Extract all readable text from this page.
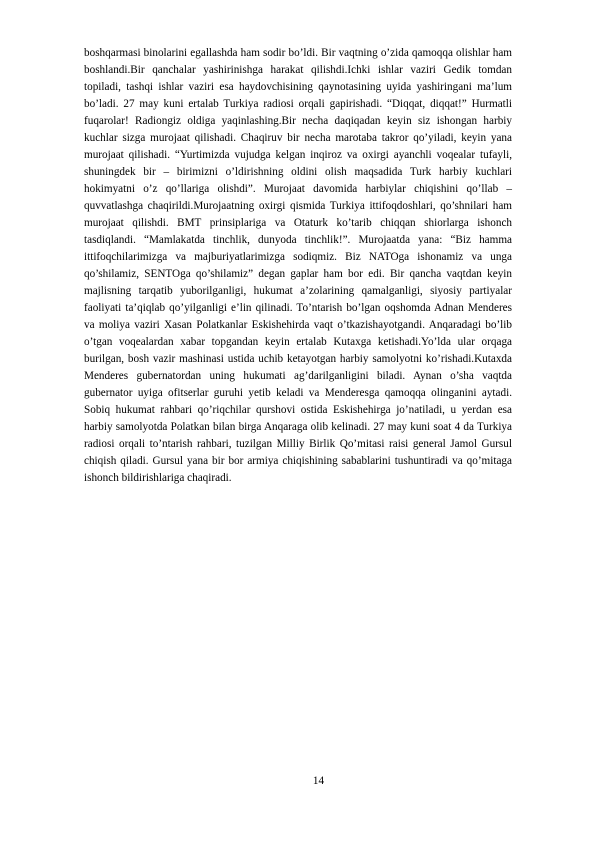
boshqarmasi binolarini egallashda ham sodir bo’ldi. Bir vaqtning o’zida qamoqqa olishlar ham boshlandi.Bir qanchalar yashirinishga harakat qilishdi.Ichki ishlar vaziri Gedik tomdan topiladi, tashqi ishlar vaziri esa haydovchisining qaynotasining uyida yashiringani ma’lum bo’ladi. 27 may kuni ertalab Turkiya radiosi orqali gapirishadi. “Diqqat, diqqat!” Hurmatli fuqarolar! Radiongiz oldiga yaqinlashing.Bir necha daqiqadan keyin siz ishongan harbiy kuchlar sizga murojaat qilishadi. Chaqiruv bir necha marotaba takror qo’yiladi, keyin yana murojaat qilishadi. “Yurtimizda vujudga kelgan inqiroz va oxirgi ayanchli voqealar tufayli, shuningdek bir – birimizni o’ldirishning oldini olish maqsadida Turk harbiy kuchlari hokimyatni o’z qo’llariga olishdi”. Murojaat davomida harbiylar chiqishini qo’llab – quvvatlashga chaqirildi.Murojaatning oxirgi qismida Turkiya ittifoqdoshlari, qo’shnilari ham murojaat qilishdi. BMT prinsiplariga va Otaturk ko’tarib chiqqan shiorlarga ishonch tasdiqlandi. “Mamlakatda tinchlik, dunyoda tinchlik!”. Murojaatda yana: “Biz hamma ittifoqchilarimizga va majburiyatlarimizga sodiqmiz. Biz NATOga ishonamiz va unga qo’shilamiz, SENTOga qo’shilamiz” degan gaplar ham bor edi. Bir qancha vaqtdan keyin majlisning tarqatib yuborilganligi, hukumat a’zolarining qamalganligi, siyosiy partiyalar faoliyati ta’qiqlab qo’yilganligi e’lin qilinadi. To’ntarish bo’lgan oqshomda Adnan Menderes va moliya vaziri Xasan Polatkanlar Eskishehirda vaqt o’tkazishayotgandi. Anqaradagi bo’lib o’tgan voqealardan xabar topgandan keyin ertalab Kutaxga ketishadi.Yo’lda ular orqaga burilgan, bosh vazir mashinasi ustida uchib ketayotgan harbiy samolyotni ko’rishadi.Kutaxda Menderes gubernatordan uning hukumati ag’darilganligini biladi. Aynan o’sha vaqtda gubernator uyiga ofitserlar guruhi yetib keladi va Menderesga qamoqqa olinganini aytadi. Sobiq hukumat rahbari qo’riqchilar qurshovi ostida Eskishehirga jo’natiladi, u yerdan esa harbiy samolyotda Polatkan bilan birga Anqaraga olib kelinadi. 27 may kuni soat 4 da Turkiya radiosi orqali to’ntarish rahbari, tuzilgan Milliy Birlik Qo’mitasi raisi general Jamol Gursul chiqish qiladi. Gursul yana bir bor armiya chiqishining sabablarini tushuntiradi va qo’mitaga ishonch bildirishlariga chaqiradi.

14
